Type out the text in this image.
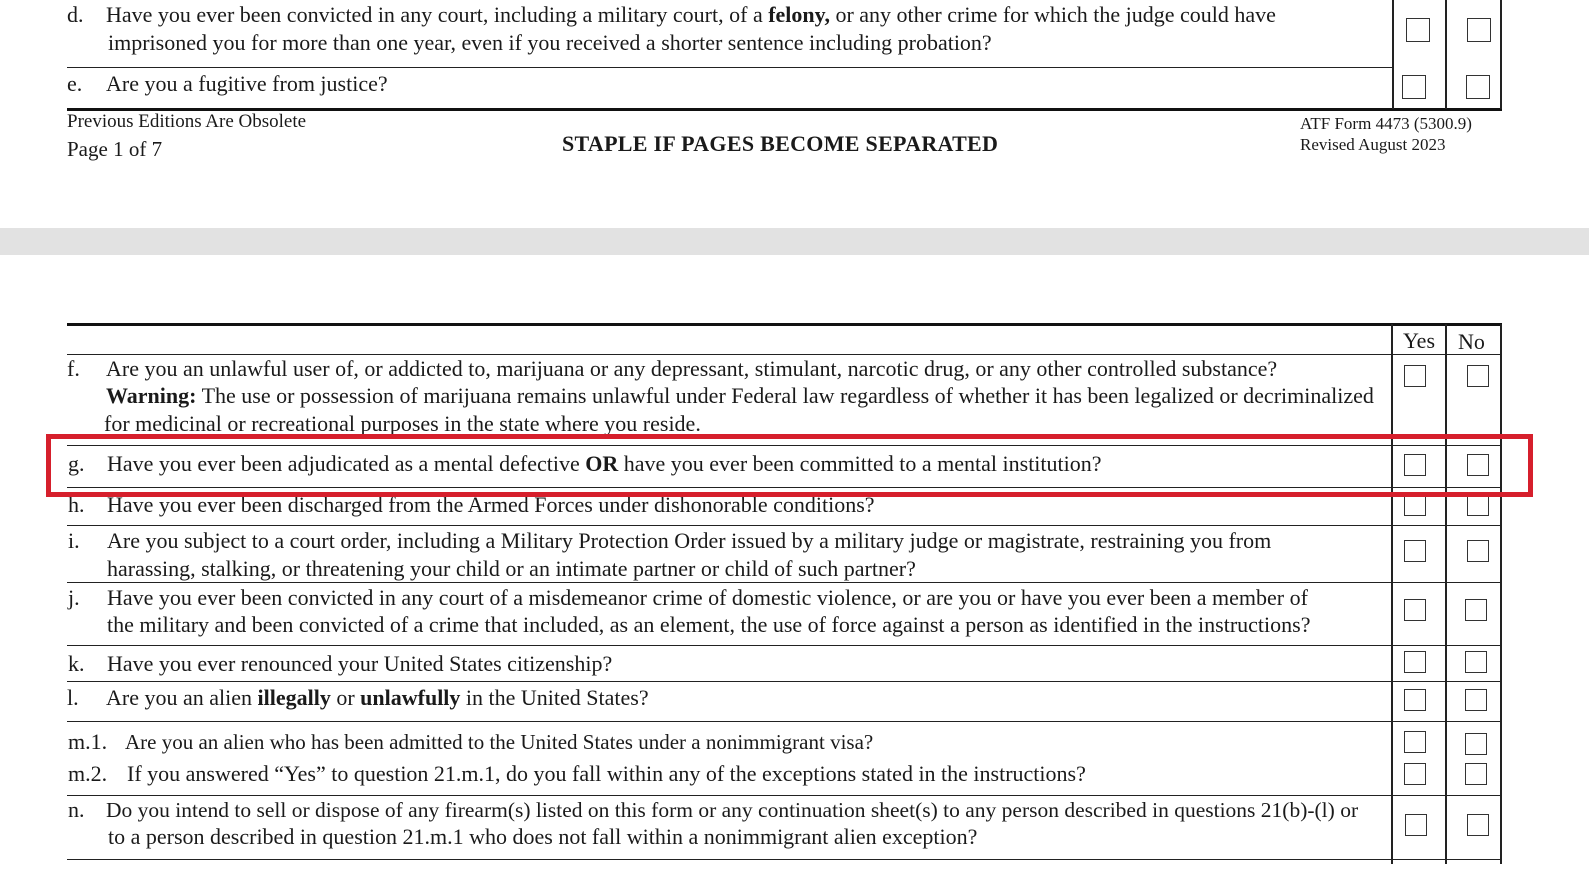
d. Have you ever been convicted in any court, including a military court, of a felony, or any other crime for which the judge could have
imprisoned you for more than one year, even if you received a shorter sentence including probation?
e. Are you a fugitive from justice?
Previous Editions Are Obsolete
Page 1 of 7	STAPLE IF PAGES BECOME SEPARATED
ATF Form 4473 (5300.9)
Revised August 2023
Yes No
f. Are you an unlawful user of, or addicted to, marijuana or any depressant, stimulant, narcotic drug, or any other controlled substance?
Warning: The use or possession of marijuana remains unlawful under Federal law regardless of whether it has been legalized or decriminalized
for medicinal or recreational purposes in the state where you reside.
g. Have you ever been adjudicated as a mental defective OR have you ever been committed to a mental institution?
h. Have you ever been discharged from the Armed Forces under dishonorable conditions?
i. Are you subject to a court order, including a Military Protection Order issued by a military judge or magistrate, restraining you from
harassing, stalking, or threatening your child or an intimate partner or child of such partner?
j. Have you ever been convicted in any court of a misdemeanor crime of domestic violence, or are you or have you ever been a member of
the military and been convicted of a crime that included, as an element, the use of force against a person as identified in the instructions?
k. Have you ever renounced your United States citizenship?
l. Are you an alien illegally or unlawfully in the United States?
m.1. Are you an alien who has been admitted to the United States under a nonimmigrant visa?
m.2. If you answered “Yes” to question 21.m.1, do you fall within any of the exceptions stated in the instructions?
n. Do you intend to sell or dispose of any firearm(s) listed on this form or any continuation sheet(s) to any person described in questions 21(b)-(l) or
to a person described in question 21.m.1 who does not fall within a nonimmigrant alien exception?
